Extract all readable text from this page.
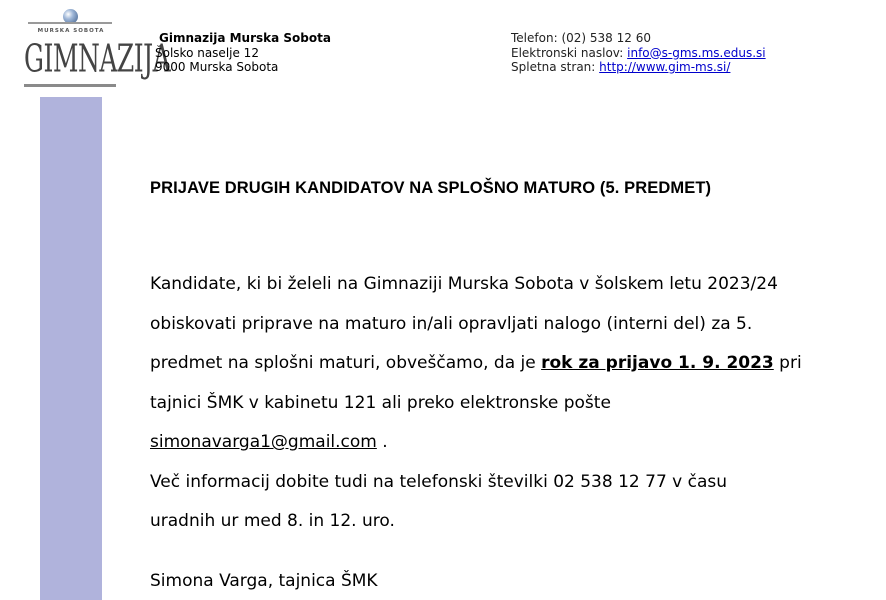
MURSKA SOBOTA
GIMNAZIJA
Gimnazija Murska Sobota
Šolsko naselje 12
9000 Murska Sobota
Telefon: (02) 538 12 60
Elektronski naslov: info@s-gms.ms.edus.si
Spletna stran: http://www.gim-ms.si/
PRIJAVE DRUGIH KANDIDATOV NA SPLOŠNO MATURO (5. PREDMET)
Kandidate, ki bi želeli na Gimnaziji Murska Sobota v šolskem letu 2023/24
obiskovati priprave na maturo in/ali opravljati nalogo (interni del) za 5.
predmet na splošni maturi, obveščamo, da je rok za prijavo 1. 9. 2023 pri
tajnici ŠMK v kabinetu 121 ali preko elektronske pošte
simonavarga1@gmail.com .
Več informacij dobite tudi na telefonski številki 02 538 12 77 v času
uradnih ur med 8. in 12. uro.
Simona Varga, tajnica ŠMK
